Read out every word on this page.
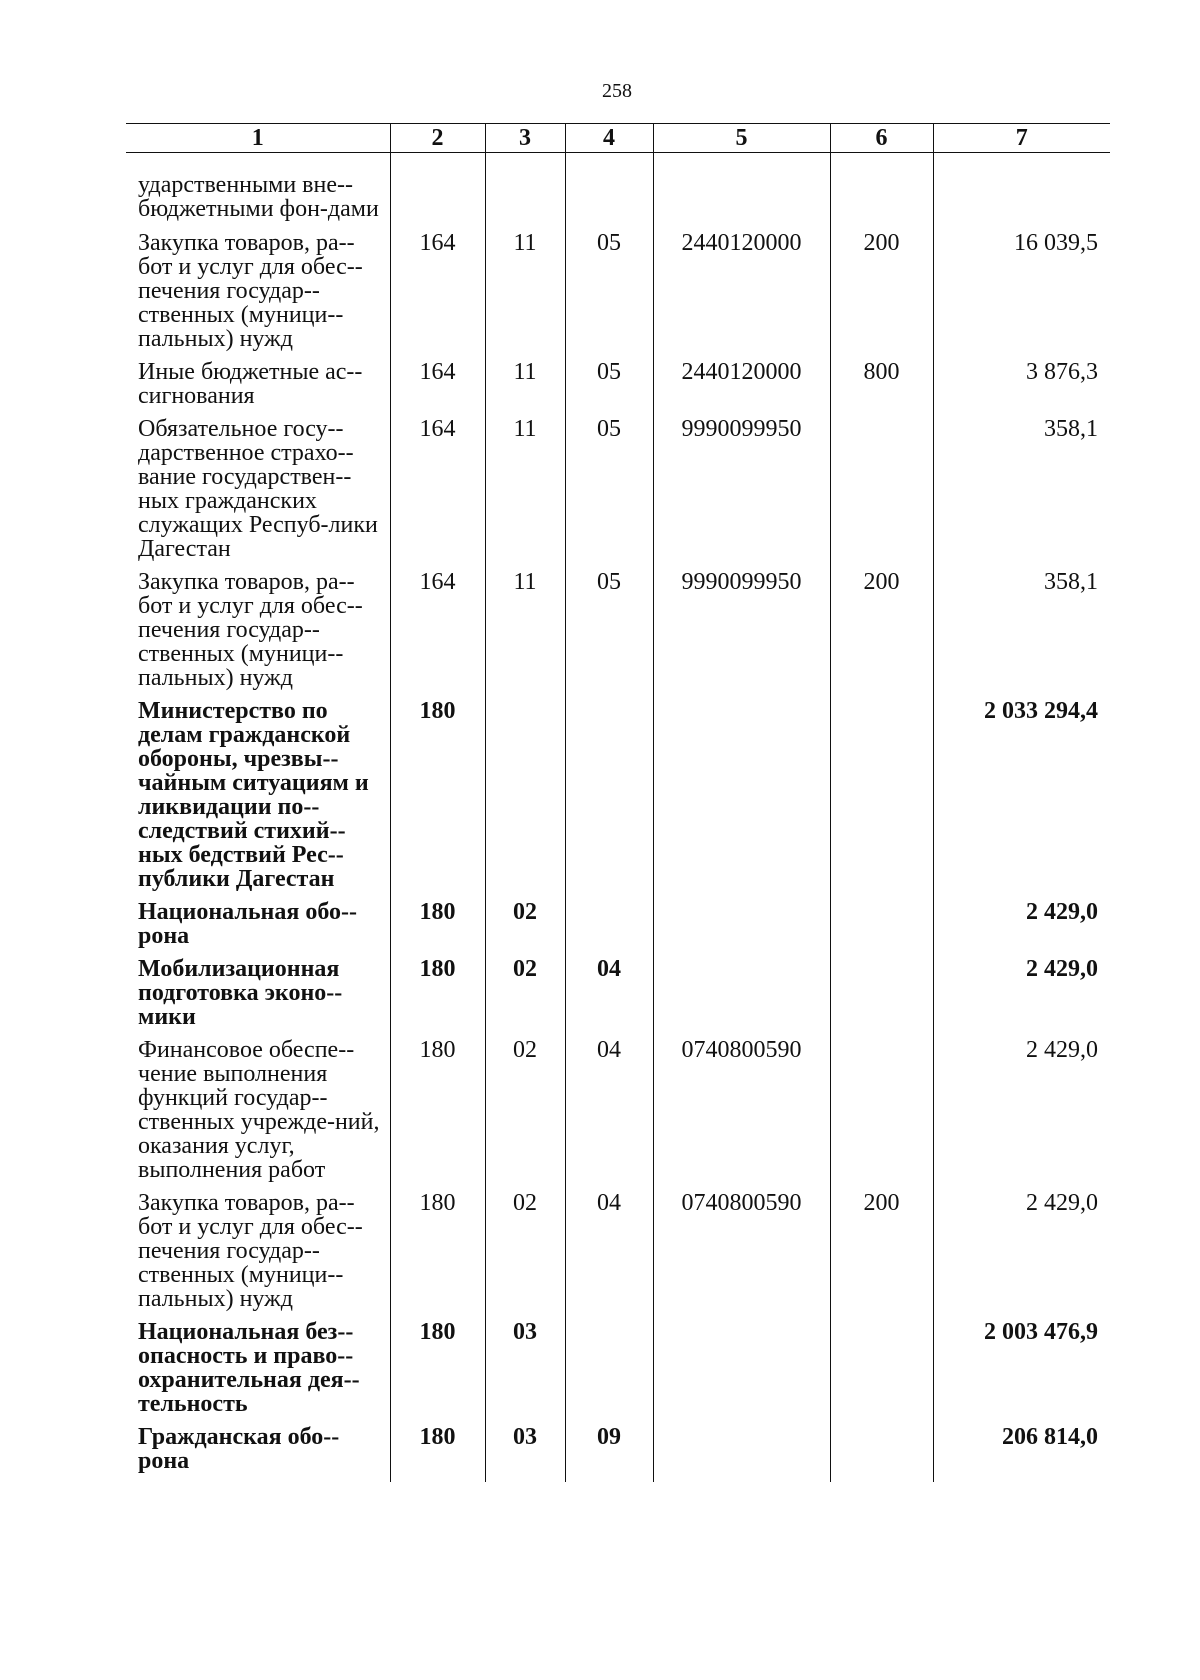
258
1	2	3	4	5	6	7

ударственными вне-бюджетными фон-дами						
Закупка товаров, ра-бот и услуг для обес-печения государ-ственных (муници-пальных) нужд	164	11	05	2440120000	200	16 039,5
Иные бюджетные ас-сигнования	164	11	05	2440120000	800	3 876,3
Обязательное госу-дарственное страхо-вание государствен-ных гражданских служащих Респуб-лики Дагестан	164	11	05	9990099950		358,1
Закупка товаров, ра-бот и услуг для обес-печения государ-ственных (муници-пальных) нужд	164	11	05	9990099950	200	358,1
Министерство по делам гражданской обороны, чрезвы-чайным ситуациям и ликвидации по-следствий стихий-ных бедствий Рес-публики Дагестан	180					2 033 294,4
Национальная обо-рона	180	02				2 429,0
Мобилизационная подготовка эконо-мики	180	02	04			2 429,0
Финансовое обеспе-чение выполнения функций государ-ственных учрежде-ний, оказания услуг, выполнения работ	180	02	04	0740800590		2 429,0
Закупка товаров, ра-бот и услуг для обес-печения государ-ственных (муници-пальных) нужд	180	02	04	0740800590	200	2 429,0
Национальная без-опасность и право-охранительная дея-тельность	180	03				2 003 476,9
Гражданская обо-рона	180	03	09			206 814,0
